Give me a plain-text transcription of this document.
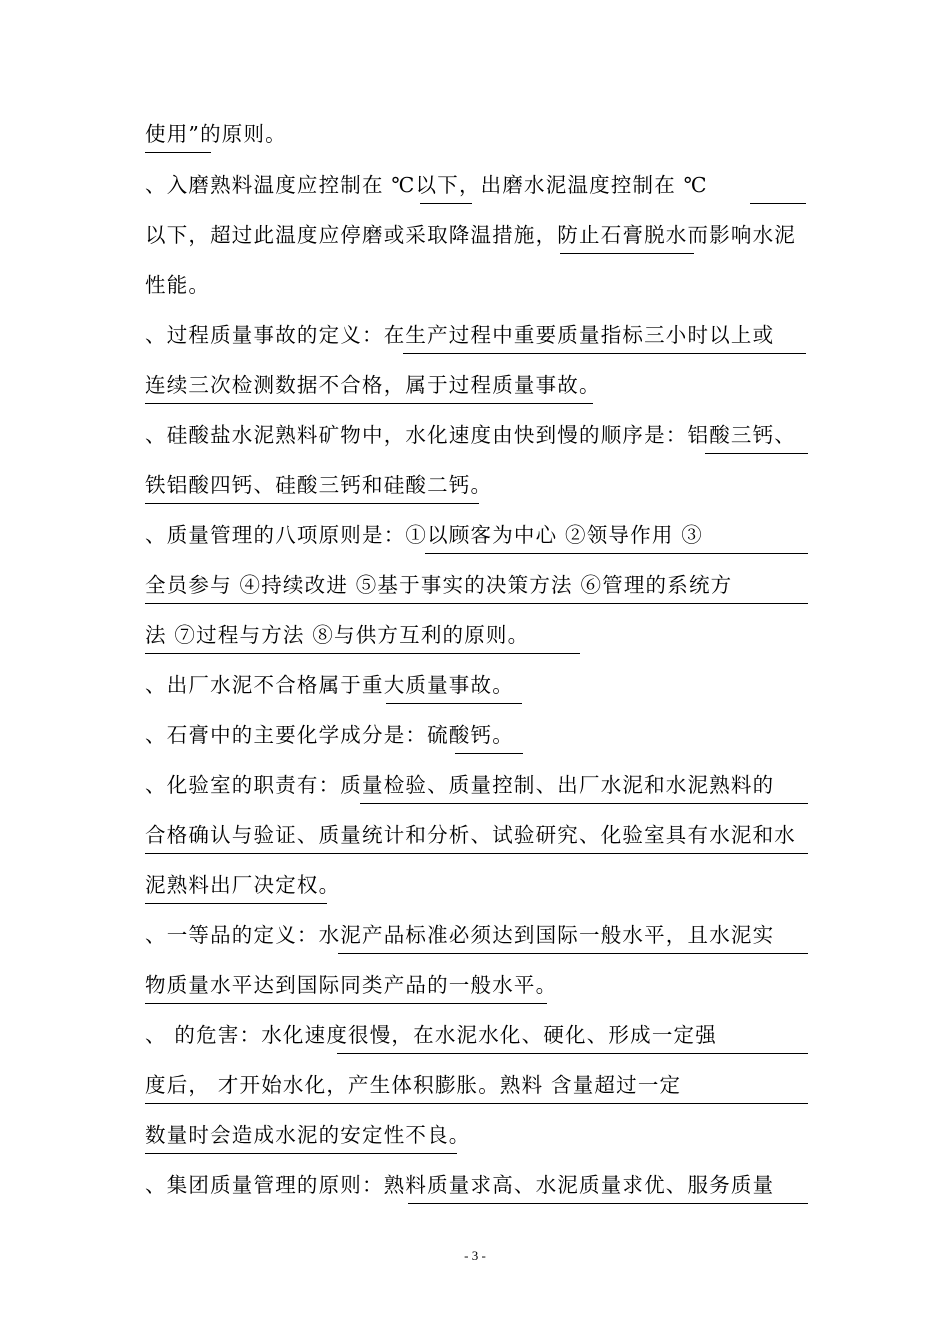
使用”的原则。
、入磨熟料温度应控制在 ℃以下，出磨水泥温度控制在 ℃
以下，超过此温度应停磨或采取降温措施，防止石膏脱水而影响水泥
性能。
、过程质量事故的定义：在生产过程中重要质量指标三小时以上或
连续三次检测数据不合格，属于过程质量事故。
、硅酸盐水泥熟料矿物中，水化速度由快到慢的顺序是：铝酸三钙、
铁铝酸四钙、硅酸三钙和硅酸二钙。
、质量管理的八项原则是：①以顾客为中心 ②领导作用 ③
全员参与 ④持续改进 ⑤基于事实的决策方法 ⑥管理的系统方
法 ⑦过程与方法 ⑧与供方互利的原则。
、出厂水泥不合格属于重大质量事故。
、石膏中的主要化学成分是：硫酸钙。
、化验室的职责有：质量检验、质量控制、出厂水泥和水泥熟料的
合格确认与验证、质量统计和分析、试验研究、化验室具有水泥和水
泥熟料出厂决定权。
、一等品的定义：水泥产品标准必须达到国际一般水平，且水泥实
物质量水平达到国际同类产品的一般水平。
、 的危害：水化速度很慢，在水泥水化、硬化、形成一定强
度后， 才开始水化，产生体积膨胀。熟料 含量超过一定
数量时会造成水泥的安定性不良。
、集团质量管理的原则：熟料质量求高、水泥质量求优、服务质量
- 3 -
